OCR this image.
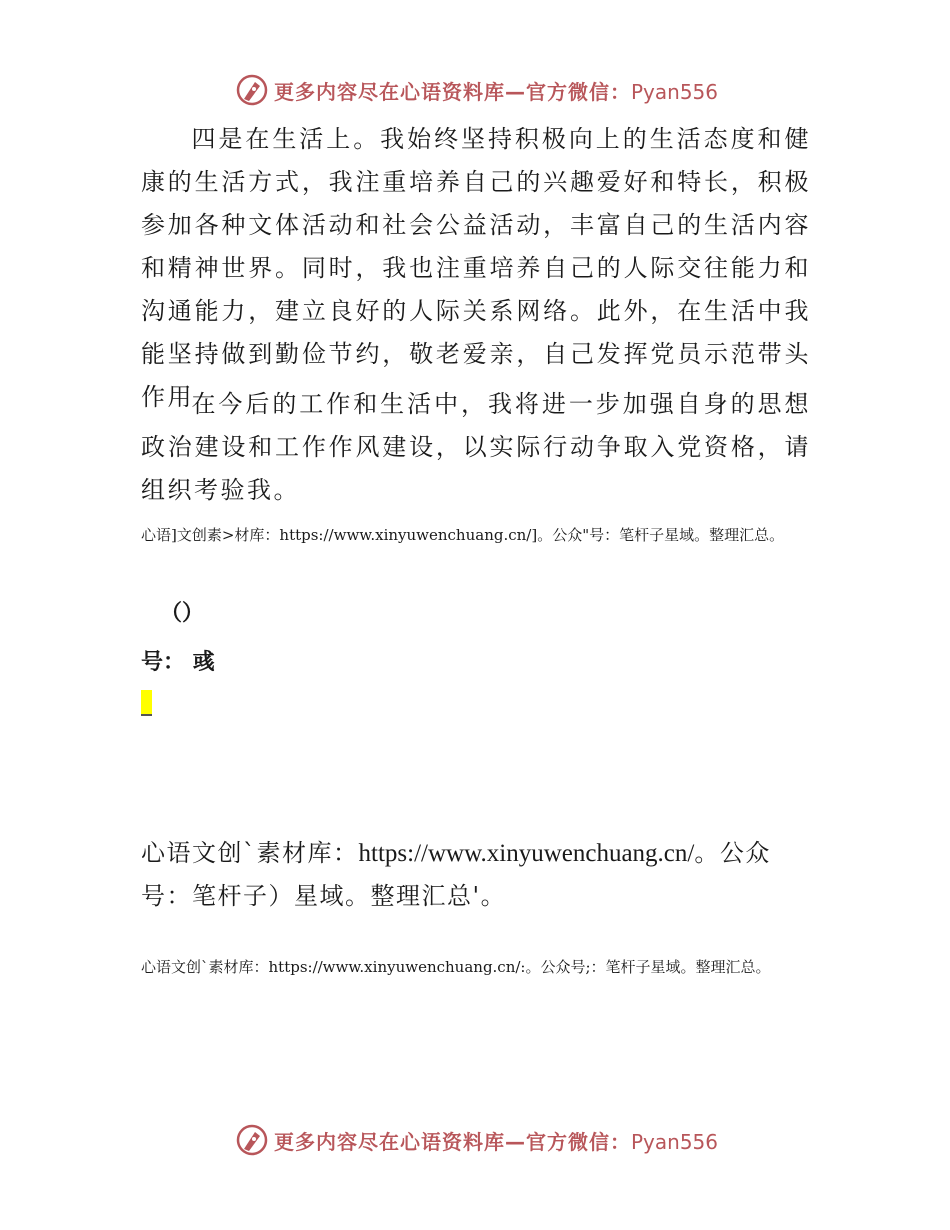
更多内容尽在心语资料库—官方微信：Pyan556

四是在生活上。我始终坚持积极向上的生活态度和健康的生活方式，我注重培养自己的兴趣爱好和特长，积极参加各种文体活动和社会公益活动，丰富自己的生活内容和精神世界。同时，我也注重培养自己的人际交往能力和沟通能力，建立良好的人际关系网络。此外，在生活中我能坚持做到勤俭节约，敬老爱亲，自己发挥党员示范带头作用

在今后的工作和生活中，我将进一步加强自身的思想政治建设和工作作风建设，以实际行动争取入党资格，请组织考验我。

心语]文创素>材库：https://www.xinyuwenchuang.cn/]。公众"号：笔杆子星域。整理汇总。

（）

号： 彧

心语文创`素材库：https://www.xinyuwenchuang.cn/。公众号：笔杆子）星域。整理汇总'。

心语文创`素材库：https://www.xinyuwenchuang.cn/:。公众号;：笔杆子星域。整理汇总。

更多内容尽在心语资料库—官方微信：Pyan556
